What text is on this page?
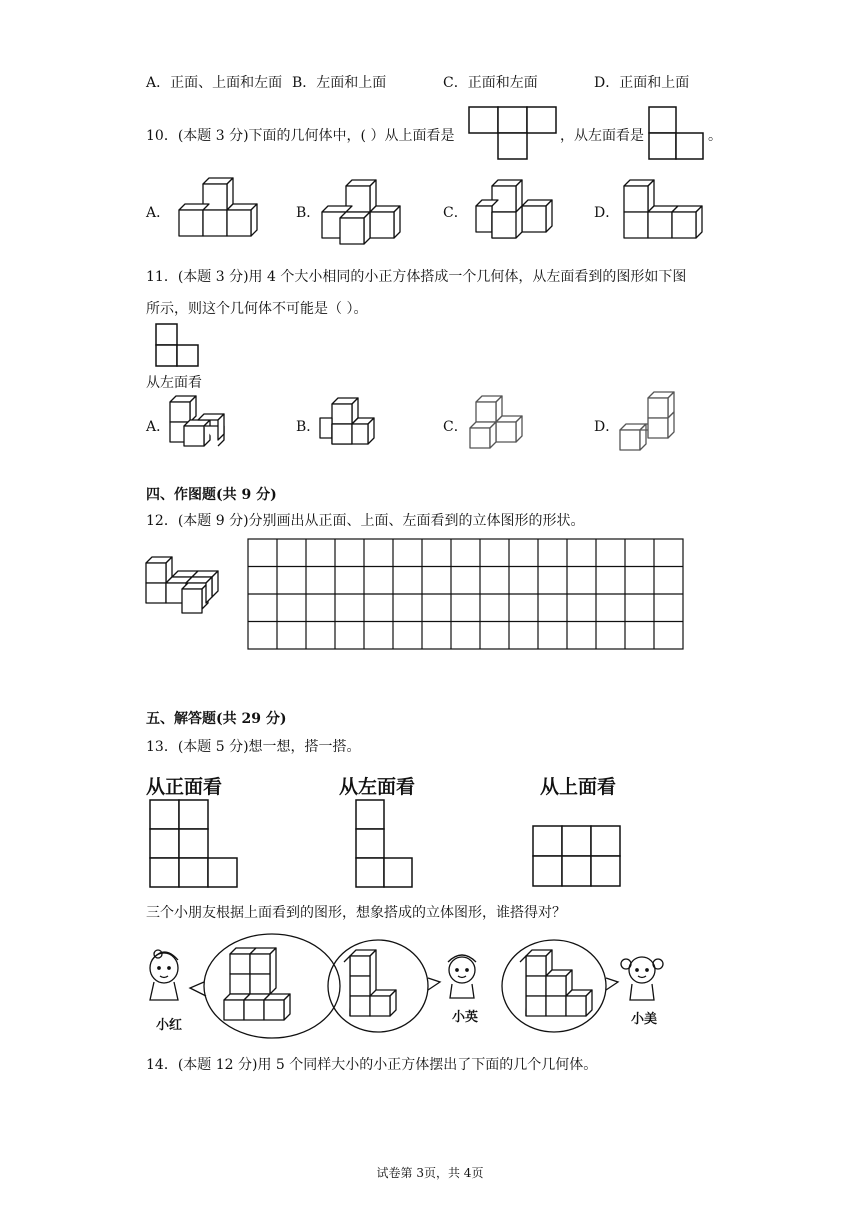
A．正面、上面和左面 B．左面和上面	C．正面和左面	D．正面和上面
10．(本题 3 分)下面的几何体中，( ）从上面看是	，从左面看是	。
A．	B．	C．	D．
11．(本题 3 分)用 4 个大小相同的小正方体搭成一个几何体，从左面看到的图形如下图
所示，则这个几何体不可能是（ ）。
从左面看
A．	B．	C．	D．
四、作图题(共 9 分)
12．(本题 9 分)分别画出从正面、上面、左面看到的立体图形的形状。
五、解答题(共 29 分)
13．(本题 5 分)想一想，搭一搭。
从正面看	从左面看	从上面看
三个小朋友根据上面看到的图形，想象搭成的立体图形，谁搭得对？
小红
小英	小美
14．(本题 12 分)用 5 个同样大小的小正方体摆出了下面的几个几何体。
试卷第 3页，共 4页
